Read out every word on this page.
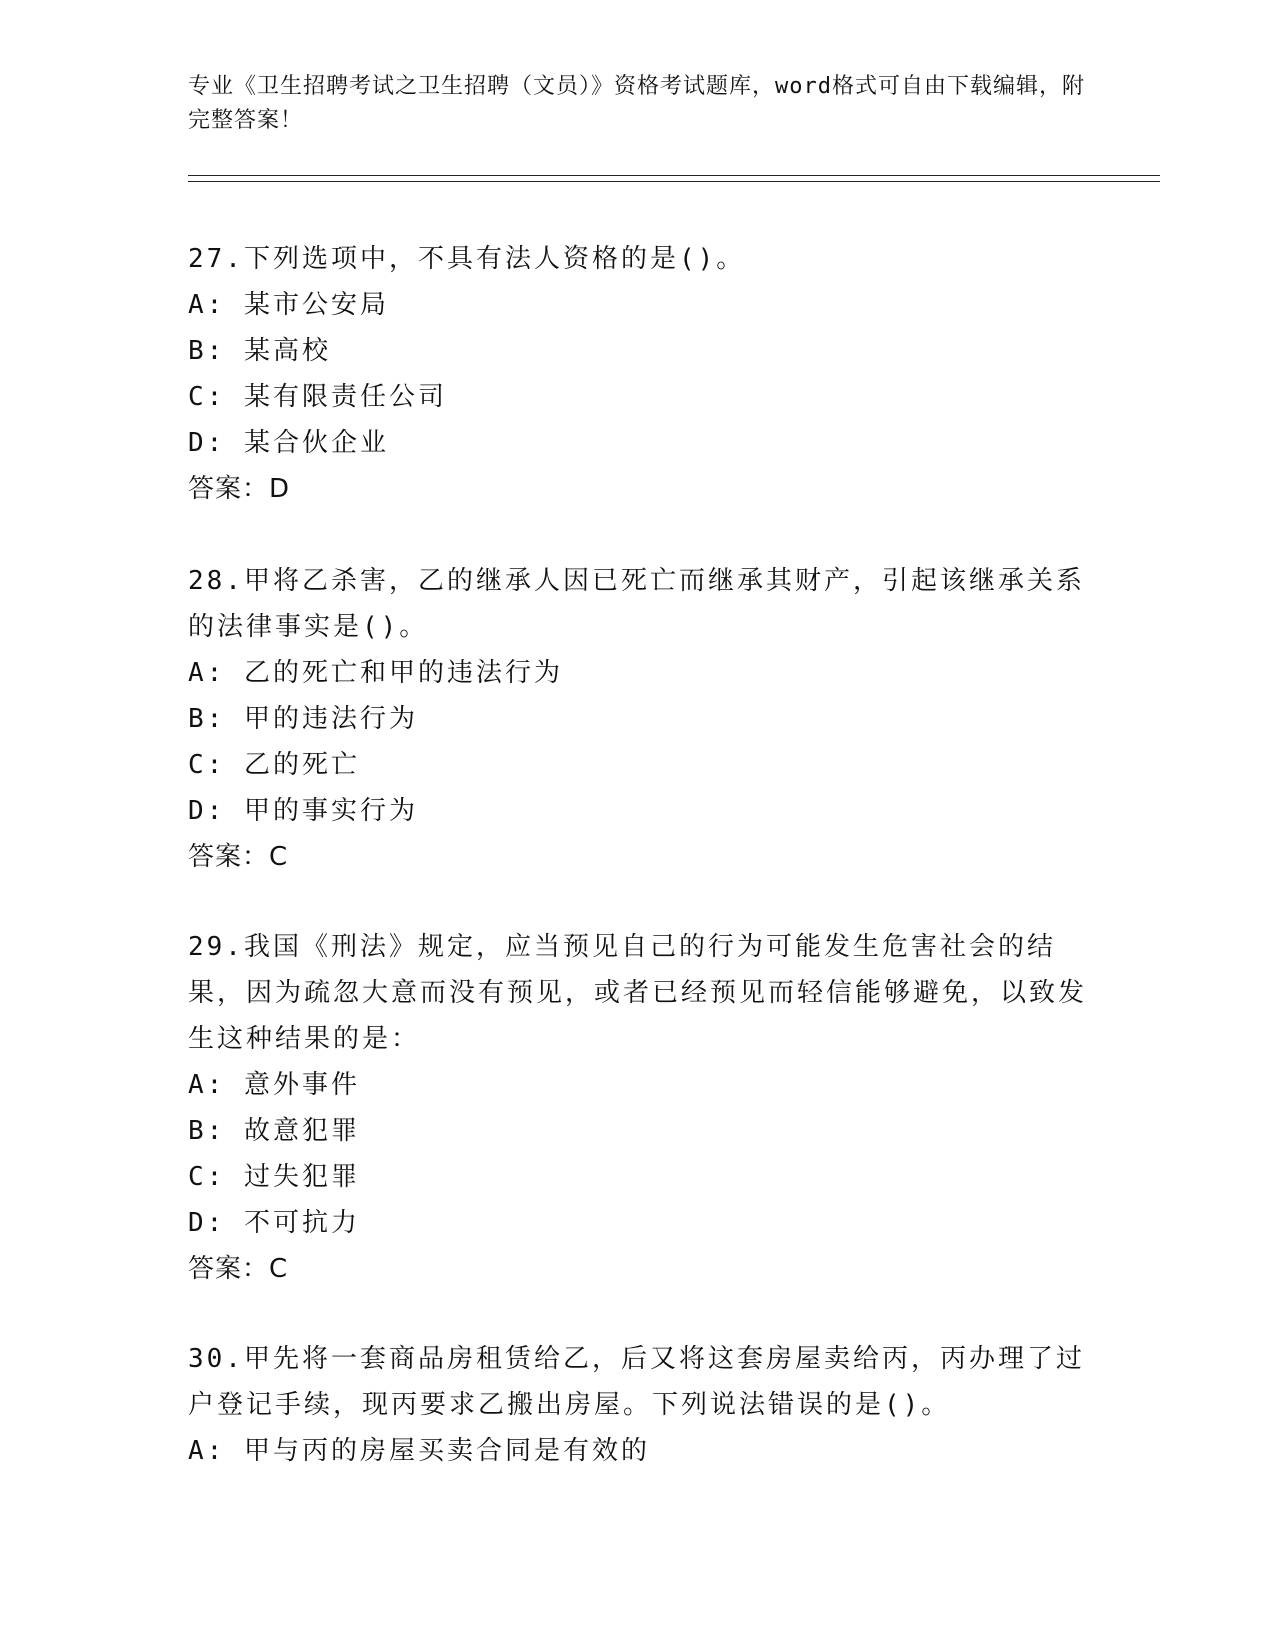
专业《卫生招聘考试之卫生招聘（文员）》资格考试题库，word格式可自由下载编辑，附完整答案！
27.下列选项中，不具有法人资格的是()。
A: 某市公安局
B: 某高校
C: 某有限责任公司
D: 某合伙企业
答案：D
28.甲将乙杀害，乙的继承人因已死亡而继承其财产，引起该继承关系的法律事实是()。
A: 乙的死亡和甲的违法行为
B: 甲的违法行为
C: 乙的死亡
D: 甲的事实行为
答案：C
29.我国《刑法》规定，应当预见自己的行为可能发生危害社会的结果，因为疏忽大意而没有预见，或者已经预见而轻信能够避免，以致发生这种结果的是：
A: 意外事件
B: 故意犯罪
C: 过失犯罪
D: 不可抗力
答案：C
30.甲先将一套商品房租赁给乙，后又将这套房屋卖给丙，丙办理了过户登记手续，现丙要求乙搬出房屋。下列说法错误的是()。
A: 甲与丙的房屋买卖合同是有效的
